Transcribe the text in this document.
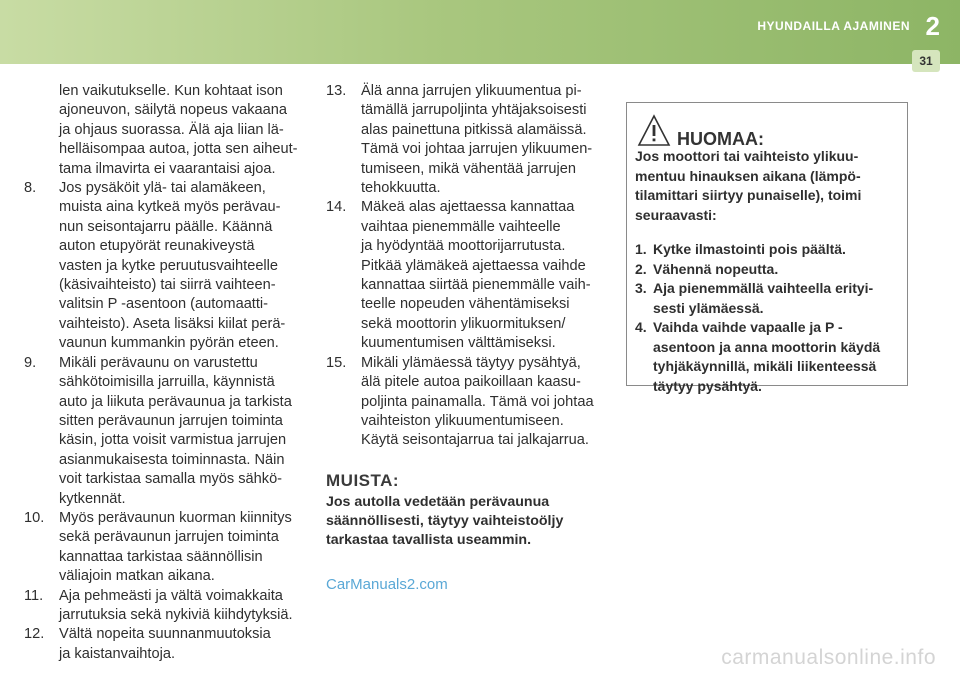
HYUNDAILLA AJAMINEN 2
31

len vaikutukselle. Kun kohtaat ison

ajoneuvon, säilytä nopeus vakaana

ja ohjaus suorassa. Älä aja liian lä-

helläisompaa autoa, jotta sen aiheut-

tama ilmavirta ei vaarantaisi ajoa.

8.	Jos pysäköit ylä- tai alamäkeen,

muista aina kytkeä myös perävau-

nun seisontajarru päälle. Käännä

auton etupyörät reunakiveystä

vasten ja kytke peruutusvaihteelle

(käsivaihteisto) tai siirrä vaihteen-

valitsin P -asentoon (automaatti-

vaihteisto). Aseta lisäksi kiilat perä-

vaunun kummankin pyörän eteen.

9.	Mikäli perävaunu on varustettu

sähkötoimisilla jarruilla, käynnistä

auto ja liikuta perävaunua ja tarkista

sitten perävaunun jarrujen toiminta

käsin, jotta voisit varmistua jarrujen

asianmukaisesta toiminnasta. Näin

voit tarkistaa samalla myös sähkö-

kytkennät.

10.	Myös perävaunun kuorman kiinnitys

sekä perävaunun jarrujen toiminta

kannattaa tarkistaa säännöllisin

väliajoin matkan aikana.

11.	Aja pehmeästi ja vältä voimakkaita

jarrutuksia sekä nykiviä kiihdytyksiä.

12.	Vältä nopeita suunnanmuutoksia

ja kaistanvaihtoja.

13.	Älä anna jarrujen ylikuumentua pi-

tämällä jarrupoljinta yhtäjaksoisesti

alas painettuna pitkissä alamäissä.

Tämä voi johtaa jarrujen ylikuumen-

tumiseen, mikä vähentää jarrujen

tehokkuutta.

14.	Mäkeä alas ajettaessa kannattaa

vaihtaa pienemmälle vaihteelle

ja hyödyntää moottorijarrutusta.

Pitkää ylämäkeä ajettaessa vaihde

kannattaa siirtää pienemmälle vaih-

teelle nopeuden vähentämiseksi

sekä moottorin ylikuormituksen/

kuumentumisen välttämiseksi.

15.	Mikäli ylämäessä täytyy pysähtyä,

älä pitele autoa paikoillaan kaasu-

poljinta painamalla. Tämä voi johtaa

vaihteiston ylikuumentumiseen.

Käytä seisontajarrua tai jalkajarrua.

MUISTA:

Jos autolla vedetään perävaunua

säännöllisesti, täytyy vaihteistoöljy

tarkastaa tavallista useammin.

CarManuals2.com
HUOMAA:

Jos moottori tai vaihteisto ylikuu-

mentuu hinauksen aikana (lämpö-

tilamittari siirtyy punaiselle), toimi

seuraavasti:

1. Kytke ilmastointi pois päältä.

2. Vähennä nopeutta.

3. Aja pienemmällä vaihteella erityi-

sesti ylämäessä.

4. Vaihda vaihde vapaalle ja P -

asentoon ja anna moottorin käydä

tyhjäkäynnillä, mikäli liikenteessä

täytyy pysähtyä.

carmanualsonline.info
